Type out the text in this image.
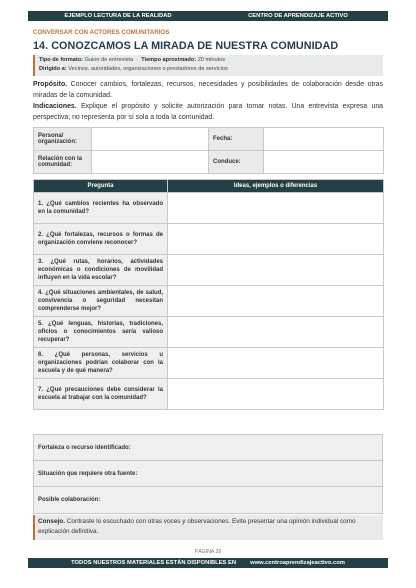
EJEMPLO LECTURA DE LA REALIDAD	CENTRO DE APRENDIZAJE ACTIVO
CONVERSAR CON ACTORES COMUNITARIOS
14. CONOZCAMOS LA MIRADA DE NUESTRA COMUNIDAD
Tipo de formato: Guion de entrevista · Tiempo aproximado: 20 minutos
Dirigido a: Vecinos, autoridades, organizaciones o prestadores de servicios

Propósito. Conocer cambios, fortalezas, recursos, necesidades y posibilidades de colaboración desde otras miradas de la comunidad.

Indicaciones. Explique el propósito y solicite autorización para tomar notas. Una entrevista expresa una perspectiva; no representa por sí sola a toda la comunidad.

Persona/ organización:		Fecha:	
Relación con la comunidad:		Conduce:	
Pregunta	Ideas, ejemplos o diferencias
1. ¿Qué cambios recientes ha observado en la comunidad?	
2. ¿Qué fortalezas, recursos o formas de organización conviene reconocer?	
3. ¿Qué rutas, horarios, actividades económicas o condiciones de movilidad influyen en la vida escolar?	
4. ¿Qué situaciones ambientales, de salud, convivencia o seguridad necesitan comprenderse mejor?	
5. ¿Qué lenguas, historias, tradiciones, oficios o conocimientos sería valioso recuperar?	
6. ¿Qué personas, servicios u organizaciones podrían colaborar con la escuela y de qué manera?	
7. ¿Qué precauciones debe considerar la escuela al trabajar con la comunidad?	
Fortaleza o recurso identificado:
Situación que requiere otra fuente:
Posible colaboración:
Consejo. Contraste lo escuchado con otras voces y observaciones. Evite presentar una opinión individual como explicación definitiva.
PÁGINA 29
TODOS NUESTROS MATERIALES ESTÁN DISPONIBLES EN www.centroaprendizajeactivo.com
